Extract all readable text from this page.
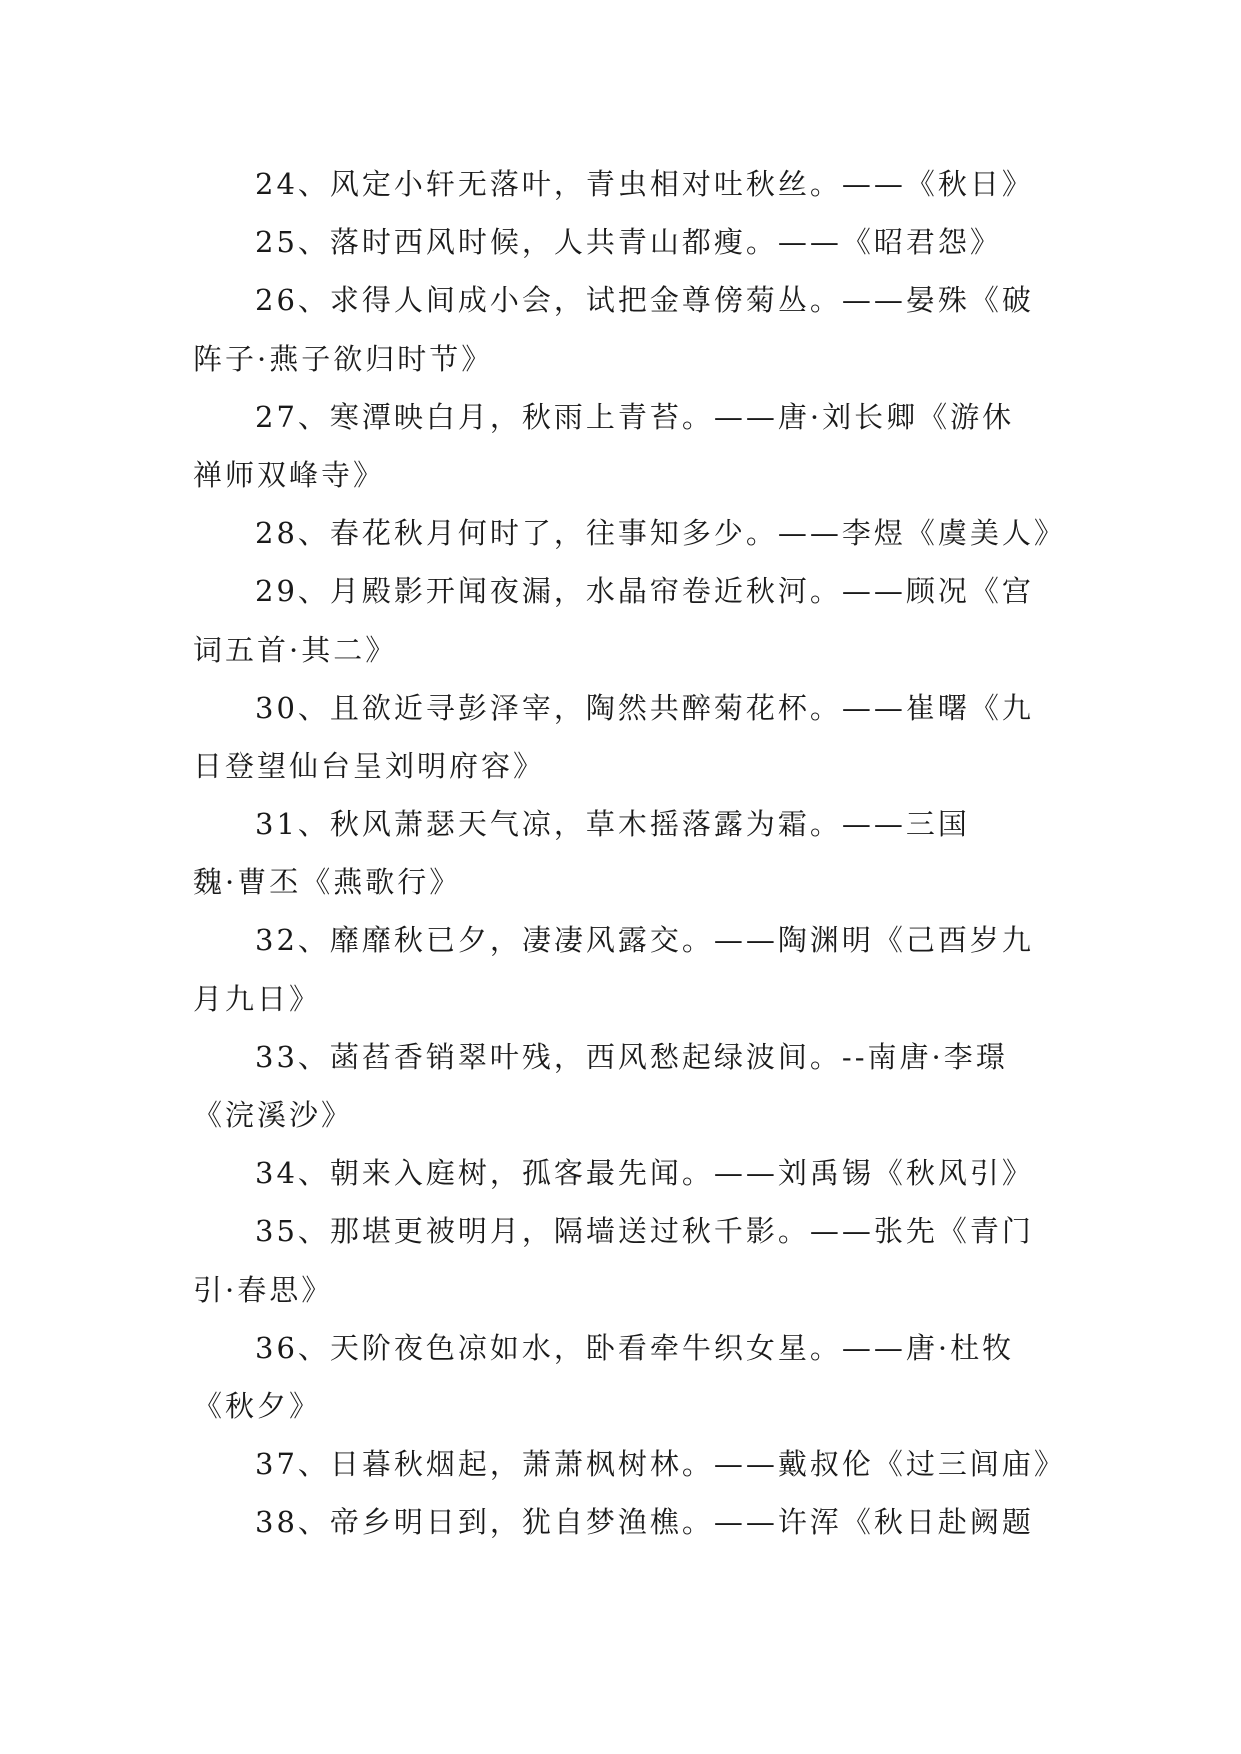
24、风定小轩无落叶，青虫相对吐秋丝。——《秋日》
25、落时西风时候，人共青山都瘦。——《昭君怨》
26、求得人间成小会，试把金尊傍菊丛。——晏殊《破
阵子·燕子欲归时节》
27、寒潭映白月，秋雨上青苔。——唐·刘长卿《游休
禅师双峰寺》
28、春花秋月何时了，往事知多少。——李煜《虞美人》
29、月殿影开闻夜漏，水晶帘卷近秋河。——顾况《宫
词五首·其二》
30、且欲近寻彭泽宰，陶然共醉菊花杯。——崔曙《九
日登望仙台呈刘明府容》
31、秋风萧瑟天气凉，草木摇落露为霜。——三国
魏·曹丕《燕歌行》
32、靡靡秋已夕，凄凄风露交。——陶渊明《己酉岁九
月九日》
33、菡萏香销翠叶残，西风愁起绿波间。--南唐·李璟
《浣溪沙》
34、朝来入庭树，孤客最先闻。——刘禹锡《秋风引》
35、那堪更被明月，隔墙送过秋千影。——张先《青门
引·春思》
36、天阶夜色凉如水，卧看牵牛织女星。——唐·杜牧
《秋夕》
37、日暮秋烟起，萧萧枫树林。——戴叔伦《过三闾庙》
38、帝乡明日到，犹自梦渔樵。——许浑《秋日赴阙题
